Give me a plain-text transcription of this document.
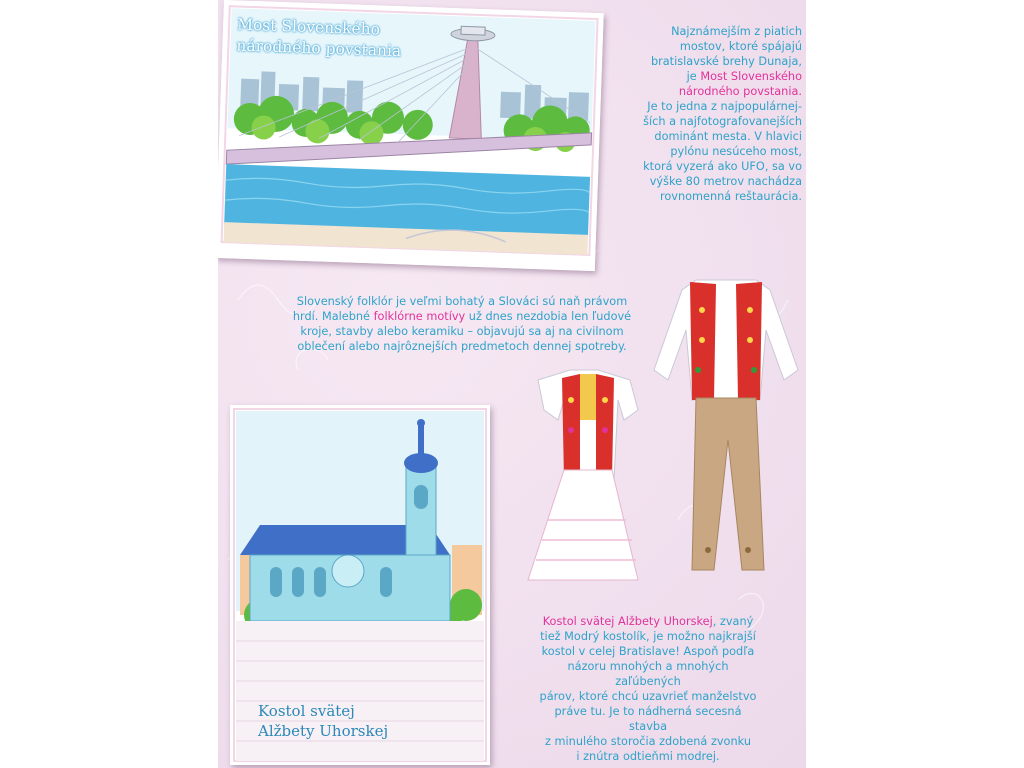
Most Slovenského
národného povstania
Najznámejším z piatich
mostov, ktoré spájajú
bratislavské brehy Dunaja,
je Most Slovenského
národného povstania.
Je to jedna z najpopulárnej-
ších a najfotografovanejších
dominánt mesta. V hlavici
pylónu nesúceho most,
ktorá vyzerá ako UFO, sa vo
výške 80 metrov nachádza
rovnomenná reštaurácia.
Slovenský folklór je veľmi bohatý a Slováci sú naň právom
hrdí. Malebné folklórne motívy už dnes nezdobia len ľudové
kroje, stavby alebo keramiku – objavujú sa aj na civilnom
oblečení alebo najrôznejších predmetoch dennej spotreby.
Kostol svätej
Alžbety Uhorskej
Kostol svätej Alžbety Uhorskej, zvaný
tiež Modrý kostolík, je možno najkrajší
kostol v celej Bratislave! Aspoň podľa
názoru mnohých a mnohých zaľúbených
párov, ktoré chcú uzavrieť manželstvo
práve tu. Je to nádherná secesná stavba
z minulého storočia zdobená zvonku
i znútra odtieňmi modrej.
